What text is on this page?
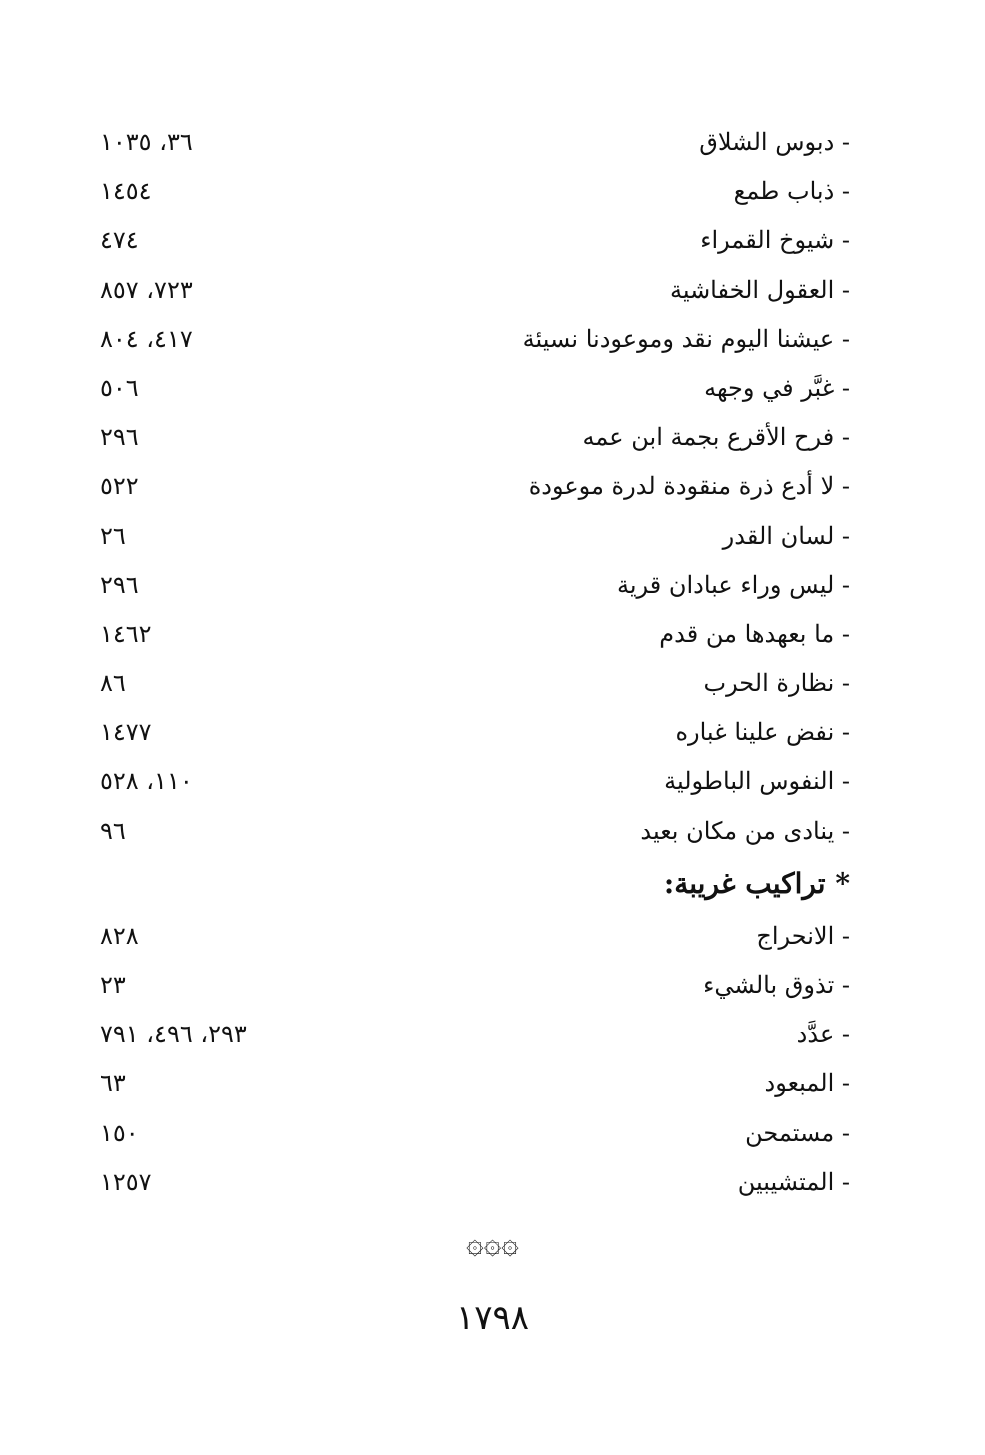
- دبوس الشلاق
٣٦، ١٠٣٥
- ذباب طمع
١٤٥٤
- شيوخ القمراء
٤٧٤
- العقول الخفاشية
٧٢٣، ٨٥٧
- عيشنا اليوم نقد وموعودنا نسيئة
٤١٧، ٨٠٤
- غبَّر في وجهه
٥٠٦
- فرح الأقرع بجمة ابن عمه
٢٩٦
- لا أدع ذرة منقودة لدرة موعودة
٥٢٢
- لسان القدر
٢٦
- ليس وراء عبادان قرية
٢٩٦
- ما بعهدها من قدم
١٤٦٢
- نظارة الحرب
٨٦
- نفض علينا غباره
١٤٧٧
- النفوس الباطولية
١١٠، ٥٢٨
- ينادى من مكان بعيد
٩٦
* تراكيب غريبة:
- الانحراج
٨٢٨
- تذوق بالشيء
٢٣
- عدَّد
٢٩٣، ٤٩٦، ٧٩١
- المبعود
٦٣
- مستمحن
١٥٠
- المتشيبين
١٢٥٧
۞۞۞
١٧٩٨
